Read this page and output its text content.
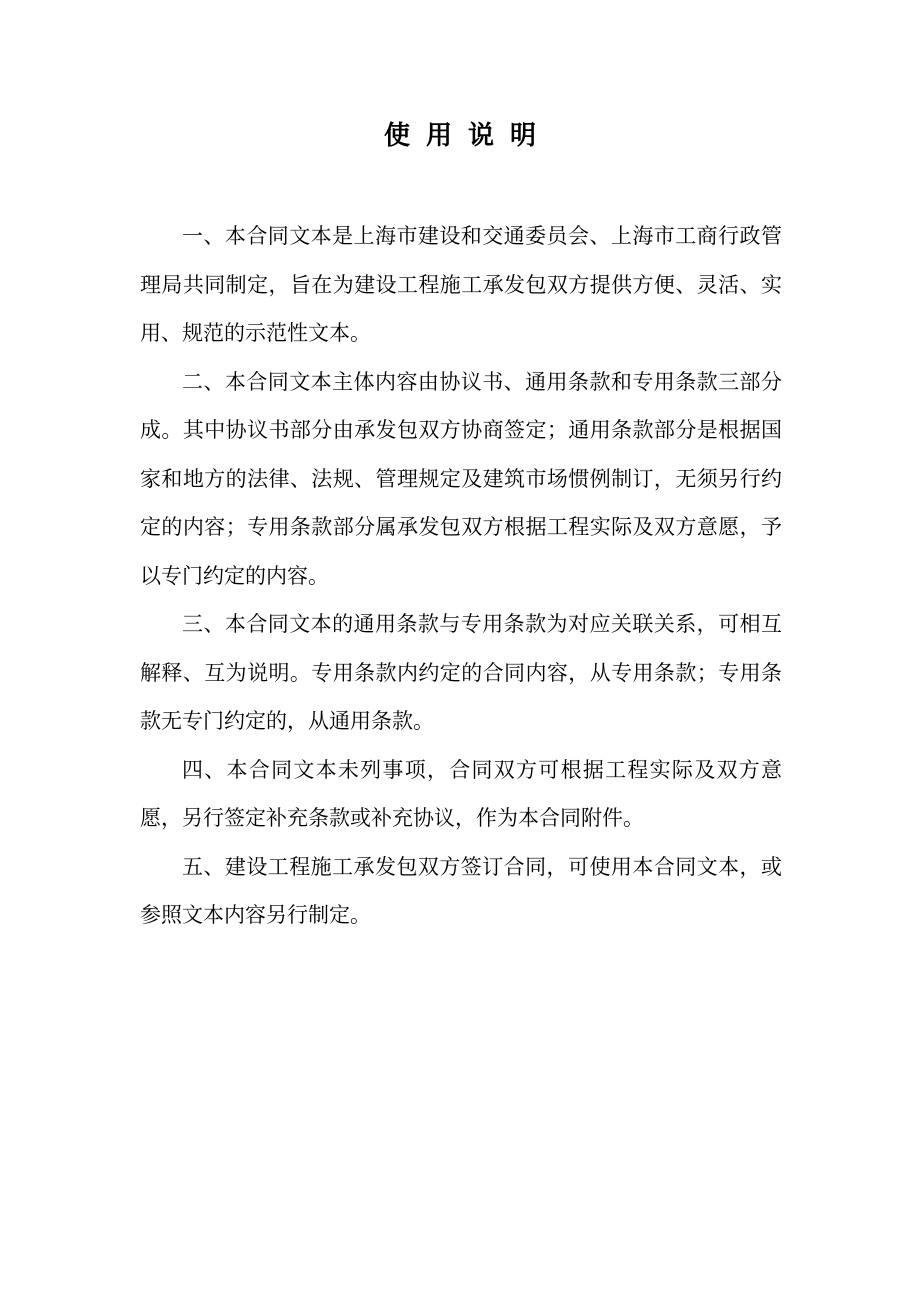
使用说明

一、本合同文本是上海市建设和交通委员会、上海市工商行政管理局共同制定，旨在为建设工程施工承发包双方提供方便、灵活、实用、规范的示范性文本。

二、本合同文本主体内容由协议书、通用条款和专用条款三部分成。其中协议书部分由承发包双方协商签定；通用条款部分是根据国家和地方的法律、法规、管理规定及建筑市场惯例制订，无须另行约定的内容；专用条款部分属承发包双方根据工程实际及双方意愿，予以专门约定的内容。

三、本合同文本的通用条款与专用条款为对应关联关系，可相互解释、互为说明。专用条款内约定的合同内容，从专用条款；专用条款无专门约定的，从通用条款。

四、本合同文本未列事项，合同双方可根据工程实际及双方意愿，另行签定补充条款或补充协议，作为本合同附件。

五、建设工程施工承发包双方签订合同，可使用本合同文本，或参照文本内容另行制定。
